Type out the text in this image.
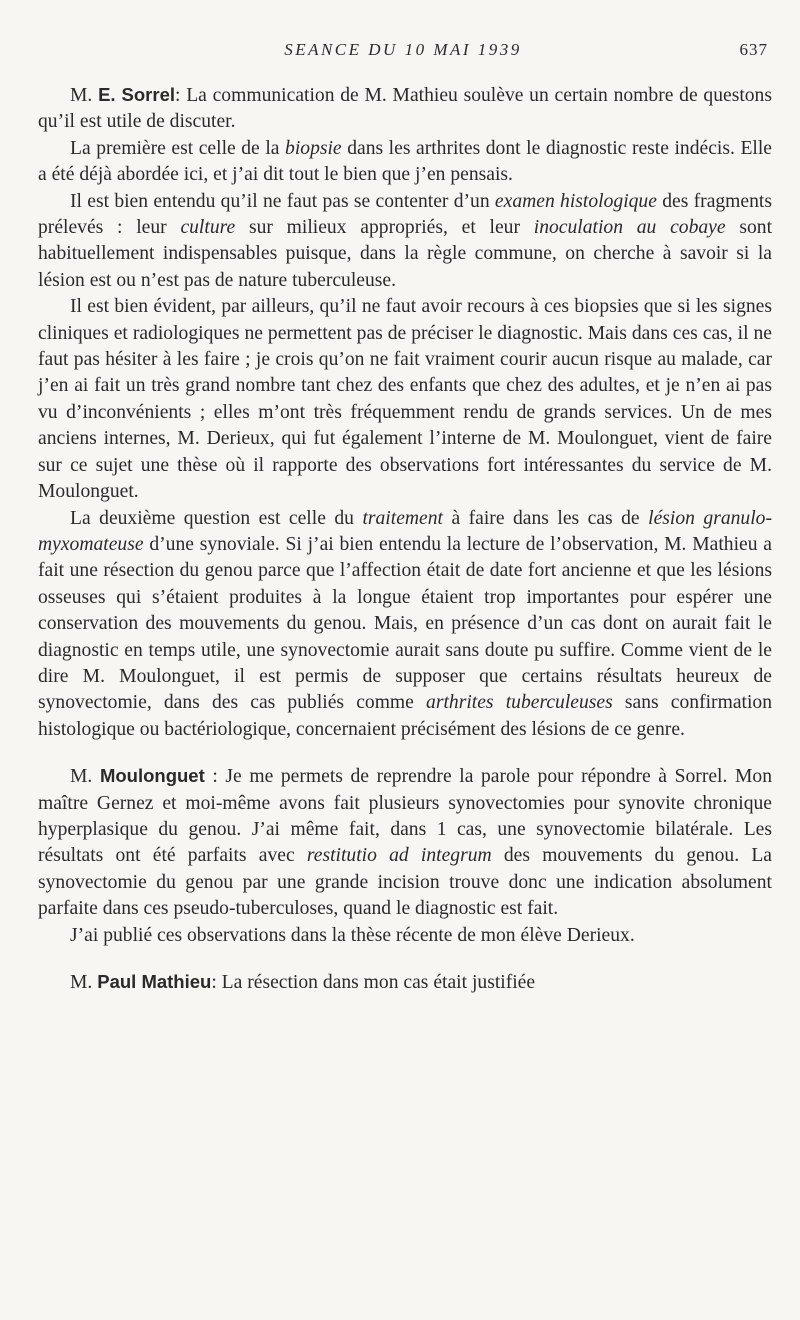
SEANCE DU 10 MAI 1939	637

M. E. Sorrel: La communication de M. Mathieu soulève un certain nombre de questons qu’il est utile de discuter.

La première est celle de la biopsie dans les arthrites dont le diagnostic reste indécis. Elle a été déjà abordée ici, et j’ai dit tout le bien que j’en pensais.

Il est bien entendu qu’il ne faut pas se contenter d’un examen histologique des fragments prélevés : leur culture sur milieux appropriés, et leur inoculation au cobaye sont habituellement indispensables puisque, dans la règle commune, on cherche à savoir si la lésion est ou n’est pas de nature tuberculeuse.

Il est bien évident, par ailleurs, qu’il ne faut avoir recours à ces biopsies que si les signes cliniques et radiologiques ne permettent pas de préciser le diagnostic. Mais dans ces cas, il ne faut pas hésiter à les faire ; je crois qu’on ne fait vraiment courir aucun risque au malade, car j’en ai fait un très grand nombre tant chez des enfants que chez des adultes, et je n’en ai pas vu d’inconvénients ; elles m’ont très fréquemment rendu de grands services. Un de mes anciens internes, M. Derieux, qui fut également l’interne de M. Moulonguet, vient de faire sur ce sujet une thèse où il rapporte des observations fort intéressantes du service de M. Moulonguet.

La deuxième question est celle du traitement à faire dans les cas de lésion granulo-myxomateuse d’une synoviale. Si j’ai bien entendu la lecture de l’observation, M. Mathieu a fait une résection du genou parce que l’affection était de date fort ancienne et que les lésions osseuses qui s’étaient produites à la longue étaient trop importantes pour espérer une conservation des mouvements du genou. Mais, en présence d’un cas dont on aurait fait le diagnostic en temps utile, une synovectomie aurait sans doute pu suffire. Comme vient de le dire M. Moulonguet, il est permis de supposer que certains résultats heureux de synovectomie, dans des cas publiés comme arthrites tuberculeuses sans confirmation histologique ou bactériologique, concernaient précisément des lésions de ce genre.

M. Moulonguet : Je me permets de reprendre la parole pour répondre à Sorrel. Mon maître Gernez et moi-même avons fait plusieurs synovectomies pour synovite chronique hyperplasique du genou. J’ai même fait, dans 1 cas, une synovectomie bilatérale. Les résultats ont été parfaits avec restitutio ad integrum des mouvements du genou. La synovectomie du genou par une grande incision trouve donc une indication absolument parfaite dans ces pseudo-tuberculoses, quand le diagnostic est fait.

J’ai publié ces observations dans la thèse récente de mon élève Derieux.

M. Paul Mathieu: La résection dans mon cas était justifiée
